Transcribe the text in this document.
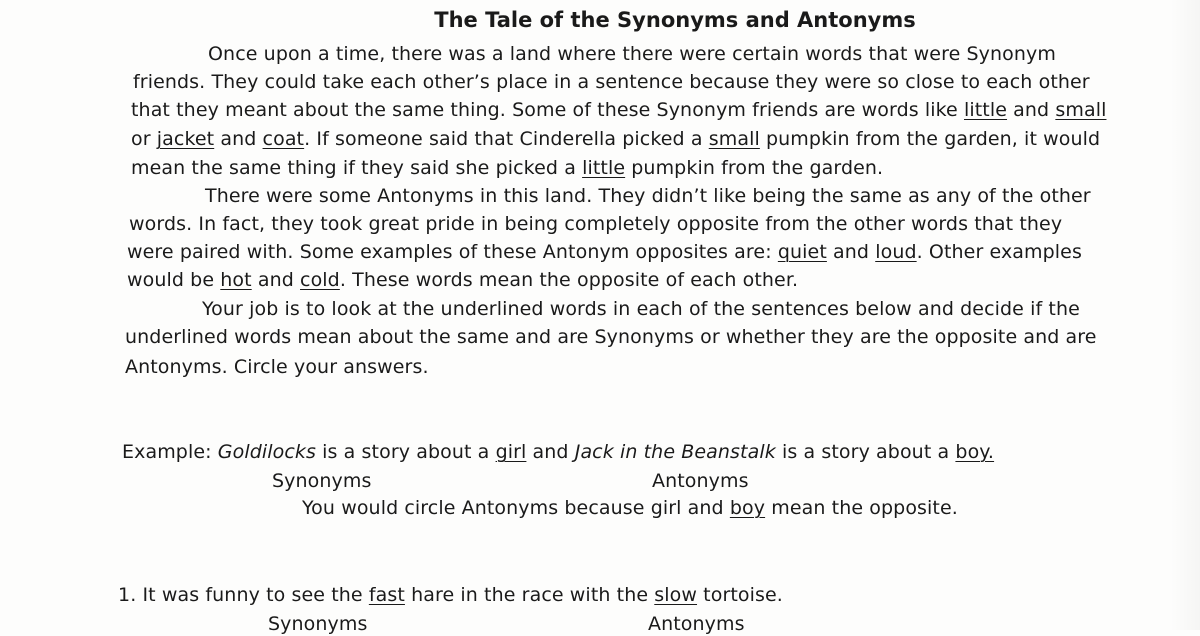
The Tale of the Synonyms and Antonyms
Once upon a time, there was a land where there were certain words that were Synonym
friends. They could take each other’s place in a sentence because they were so close to each other
that they meant about the same thing. Some of these Synonym friends are words like little and small
or jacket and coat. If someone said that Cinderella picked a small pumpkin from the garden, it would
mean the same thing if they said she picked a little pumpkin from the garden.
There were some Antonyms in this land. They didn’t like being the same as any of the other
words. In fact, they took great pride in being completely opposite from the other words that they
were paired with. Some examples of these Antonym opposites are: quiet and loud. Other examples
would be hot and cold. These words mean the opposite of each other.
Your job is to look at the underlined words in each of the sentences below and decide if the
underlined words mean about the same and are Synonyms or whether they are the opposite and are
Antonyms. Circle your answers.
Example: Goldilocks is a story about a girl and Jack in the Beanstalk is a story about a boy.
Synonyms	Antonyms
You would circle Antonyms because girl and boy mean the opposite.
1. It was funny to see the fast hare in the race with the slow tortoise.
Synonyms	Antonyms
